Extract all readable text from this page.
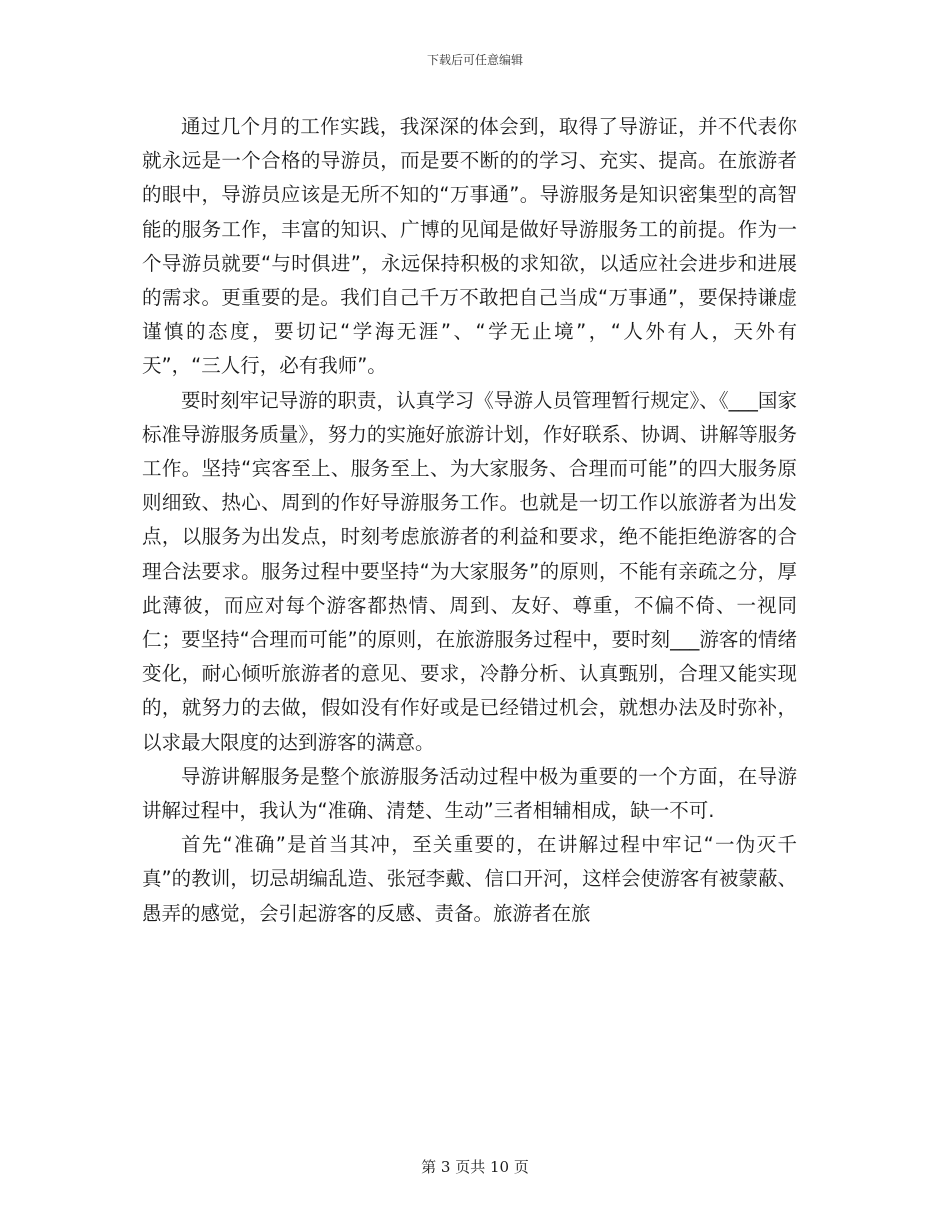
下载后可任意编辑

通过几个月的工作实践，我深深的体会到，取得了导游证，并不代表你就永远是一个合格的导游员，而是要不断的的学习、充实、提高。在旅游者的眼中，导游员应该是无所不知的“万事通”。导游服务是知识密集型的高智能的服务工作，丰富的知识、广博的见闻是做好导游服务工的前提。作为一个导游员就要“与时俱进”，永远保持积极的求知欲，以适应社会进步和进展的需求。更重要的是。我们自己千万不敢把自己当成“万事通”，要保持谦虚谨慎的态度，要切记“学海无涯”、“学无止境”，“人外有人，天外有天”，“三人行，必有我师”。

要时刻牢记导游的职责，认真学习《导游人员管理暂行规定》、《___国家标准导游服务质量》，努力的实施好旅游计划，作好联系、协调、讲解等服务工作。坚持“宾客至上、服务至上、为大家服务、合理而可能”的四大服务原则细致、热心、周到的作好导游服务工作。也就是一切工作以旅游者为出发点，以服务为出发点，时刻考虑旅游者的利益和要求，绝不能拒绝游客的合理合法要求。服务过程中要坚持“为大家服务”的原则，不能有亲疏之分，厚此薄彼，而应对每个游客都热情、周到、友好、尊重，不偏不倚、一视同仁；要坚持“合理而可能”的原则，在旅游服务过程中，要时刻___游客的情绪变化，耐心倾听旅游者的意见、要求，冷静分析、认真甄别，合理又能实现的，就努力的去做，假如没有作好或是已经错过机会，就想办法及时弥补，以求最大限度的达到游客的满意。

导游讲解服务是整个旅游服务活动过程中极为重要的一个方面，在导游讲解过程中，我认为“准确、清楚、生动”三者相辅相成，缺一不可.

首先“准确”是首当其冲，至关重要的，在讲解过程中牢记“一伪灭千真”的教训，切忌胡编乱造、张冠李戴、信口开河，这样会使游客有被蒙蔽、愚弄的感觉，会引起游客的反感、责备。旅游者在旅

第 3 页共 10 页
